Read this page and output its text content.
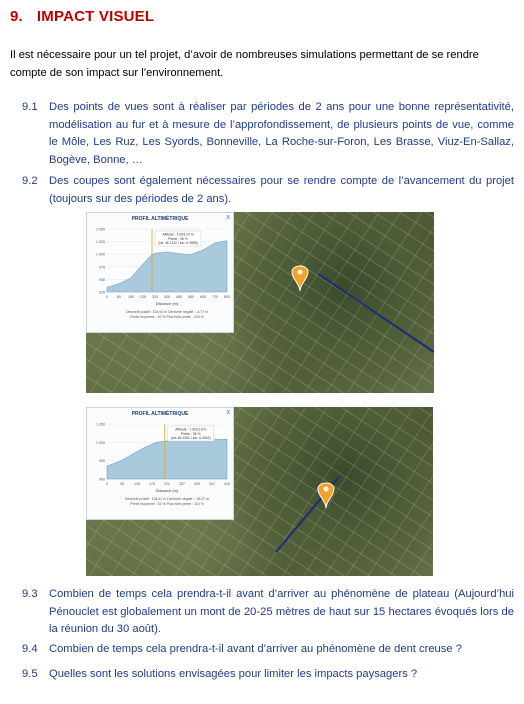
9. IMPACT VISUEL
Il est nécessaire pour un tel projet, d’avoir de nombreuses simulations permettant de se rendre compte de son impact sur l’environnement.
9.1	Des points de vues sont à réaliser par périodes de 2 ans pour une bonne représentativité, modélisation au fur et à mesure de l’approfondissement, de plusieurs points de vue, comme le Môle, Les Ruz, Les Syords, Bonneville, La Roche-sur-Foron, Les Brasse, Viuz-En-Sallaz, Bogève, Bonne, …
9.2	Des coupes sont également nécessaires pour se rendre compte de l’avancement du projet (toujours sur des périodes de 2 ans).
PROFIL ALTIMÉTRIQUE	x
1 050
1 025
1 000
975
950
925
0	80 160 235 320 400 480 560 640 720 800
Altitude : 1 003,19 m
Pente : 35 %
(lat: 46.1122 / lon: 6.3983)
Distance (m)
Dénivelé positif : 104,91 m Dénivelé négatif : -4,77 m
Pente moyenne : 10 % Plus forte pente : 203 %
PROFIL ALTIMÉTRIQUE	x
1 050
1 000
950
900
0	45	125	170	212	257	305	347	415
Altitude : 1 003,19 m
Pente : 35 %
(lat: 46.1301 / lon: 6.3942)
Distance (m)
Dénivelé positif : 104,91 m Dénivelé négatif : -18,07 m
Pente moyenne : 31 % Plus forte pente : 110 %
9.3	Combien de temps cela prendra-t-il avant d’arriver au phénomène de plateau (Aujourd’hui Pénouclet est globalement un mont de 20-25 mètres de haut sur 15 hectares évoqués lors de la réunion du 30 août).
9.4	Combien de temps cela prendra-t-il avant d’arriver au phénomène de dent creuse ?
9.5	Quelles sont les solutions envisagées pour limiter les impacts paysagers ?
